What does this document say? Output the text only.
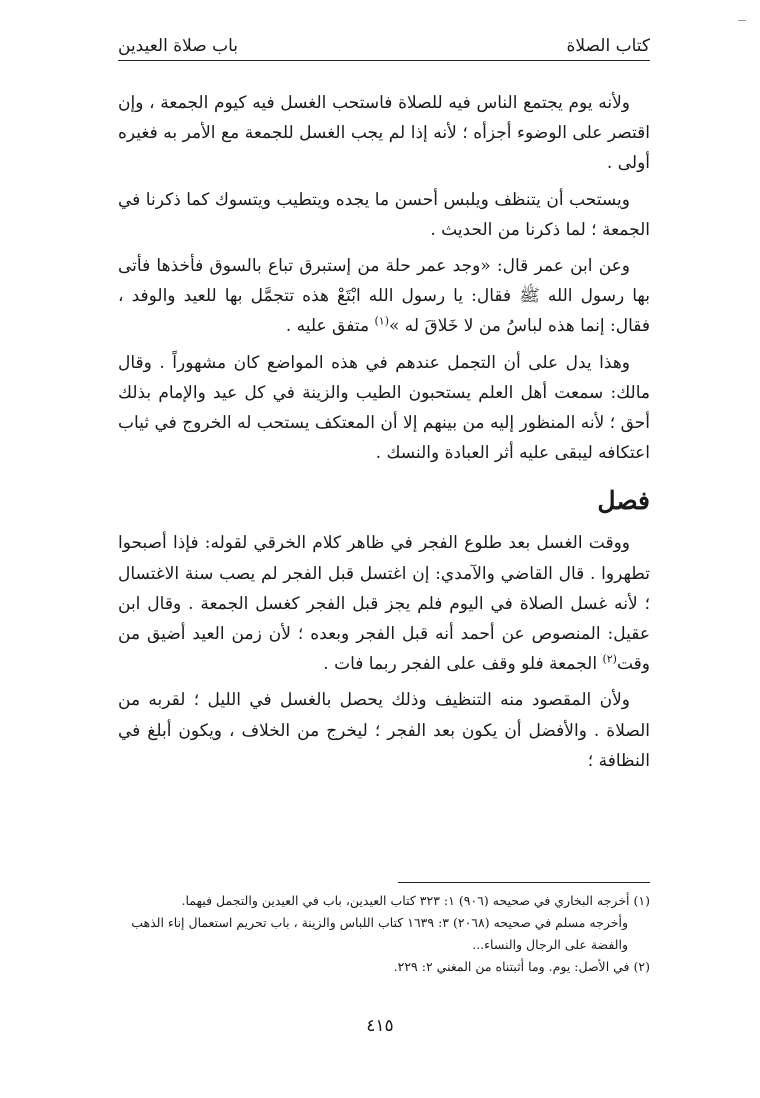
كتاب الصلاة
باب صلاة العيدين

ولأنه يوم يجتمع الناس فيه للصلاة فاستحب الغسل فيه كيوم الجمعة ، وإن اقتصر على الوضوء أجزأه ؛ لأنه إذا لم يجب الغسل للجمعة مع الأمر به فغيره أولى .

ويستحب أن يتنظف ويلبس أحسن ما يجده ويتطيب ويتسوك كما ذكرنا في الجمعة ؛ لما ذكرنا من الحديث .

وعن ابن عمر قال: «وجد عمر حلة من إستبرق تباع بالسوق فأخذها فأتى بها رسول الله ﷺ فقال: يا رسول الله ابْتَعْ هذه تتجمَّل بها للعيد والوفد ، فقال: إنما هذه لباسُ من لا خَلاقَ له »$^{(١)}$ متفق عليه .

وهذا يدل على أن التجمل عندهم في هذه المواضع كان مشهوراً . وقال مالك: سمعت أهل العلم يستحبون الطيب والزينة في كل عيد والإمام بذلك أحق ؛ لأنه المنظور إليه من بينهم إلا أن المعتكف يستحب له الخروج في ثياب اعتكافه ليبقى عليه أثر العبادة والنسك .

فصل

ووقت الغسل بعد طلوع الفجر في ظاهر كلام الخرقي لقوله: فإذا أصبحوا تطهروا . قال القاضي والآمدي: إن اغتسل قبل الفجر لم يصب سنة الاغتسال ؛ لأنه غسل الصلاة في اليوم فلم يجز قبل الفجر كغسل الجمعة . وقال ابن عقيل: المنصوص عن أحمد أنه قبل الفجر وبعده ؛ لأن زمن العيد أضيق من وقت$^{(٢)}$ الجمعة فلو وقف على الفجر ربما فات .

ولأن المقصود منه التنظيف وذلك يحصل بالغسل في الليل ؛ لقربه من الصلاة . والأفضل أن يكون بعد الفجر ؛ ليخرج من الخلاف ، ويكون أبلغ في النظافة ؛

(١) أخرجه البخاري في صحيحه (٩٠٦) ١: ٣٢٣ كتاب العيدين، باب في العيدين والتجمل فيهما.

وأخرجه مسلم في صحيحه (٢٠٦٨) ٣: ١٦٣٩ كتاب اللباس والزينة ، باب تحريم استعمال إناء الذهب والفضة على الرجال والنساء...

(٢) في الأصل: يوم. وما أثبتناه من المغني ٢: ٢٢٩.

٤١٥
